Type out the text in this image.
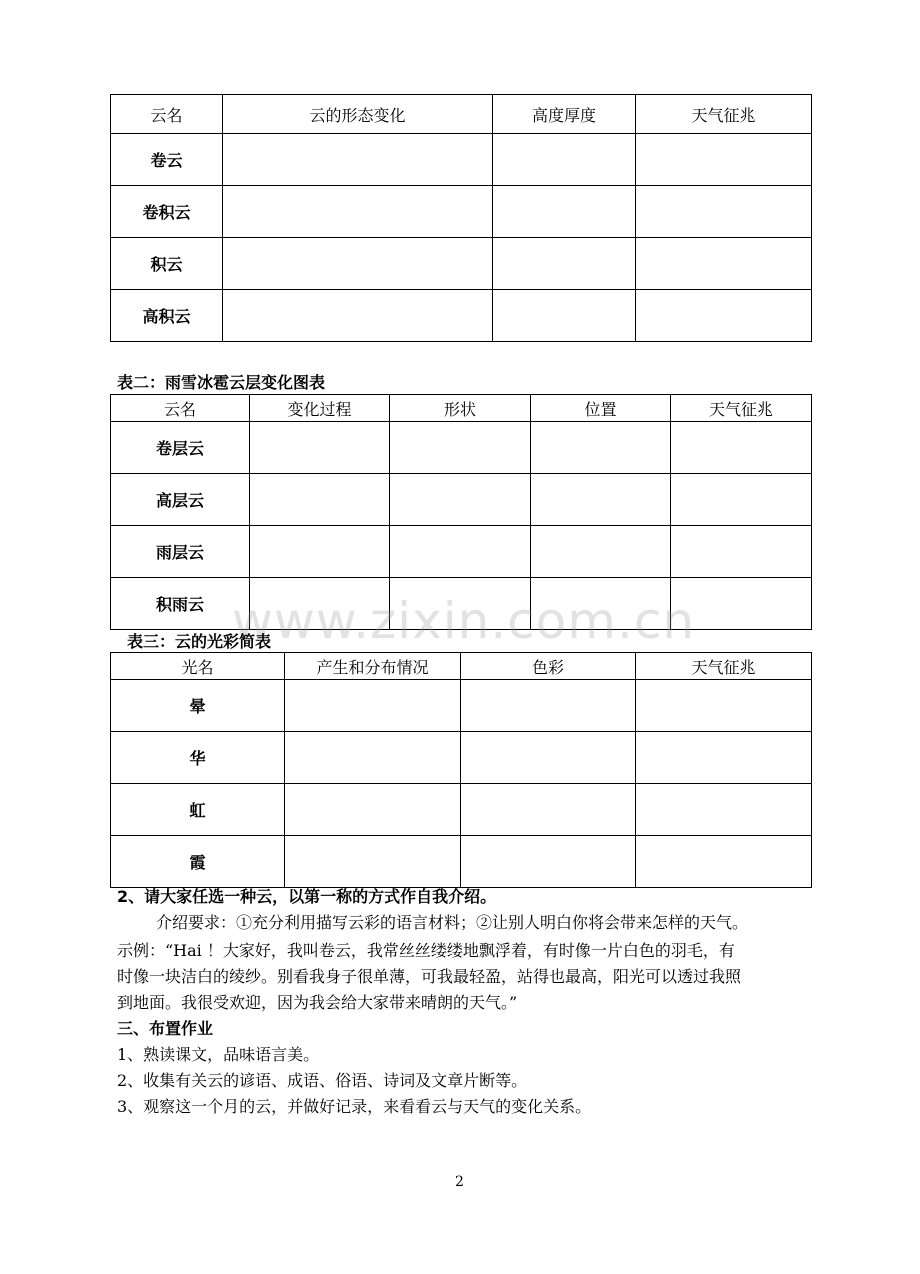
云名	云的形态变化	高度厚度	天气征兆
卷云			
卷积云			
积云			
高积云			
表二：雨雪冰雹云层变化图表
云名	变化过程	形状	位置	天气征兆
卷层云				
高层云				
雨层云				
积雨云				www.zixin.com.cn
表三：云的光彩简表
光名	产生和分布情况	色彩	天气征兆
晕			
华			
虹			
霞			
2、请大家任选一种云，以第一称的方式作自我介绍。
介绍要求：①充分利用描写云彩的语言材料；②让别人明白你将会带来怎样的天气。
示例：“Hai ！大家好，我叫卷云，我常丝丝缕缕地飘浮着，有时像一片白色的羽毛，有
时像一块洁白的绫纱。别看我身子很单薄，可我最轻盈，站得也最高，阳光可以透过我照
到地面。我很受欢迎，因为我会给大家带来晴朗的天气。”
三、布置作业
1、熟读课文，品味语言美。
2、收集有关云的谚语、成语、俗语、诗词及文章片断等。
3、观察这一个月的云，并做好记录，来看看云与天气的变化关系。
2
